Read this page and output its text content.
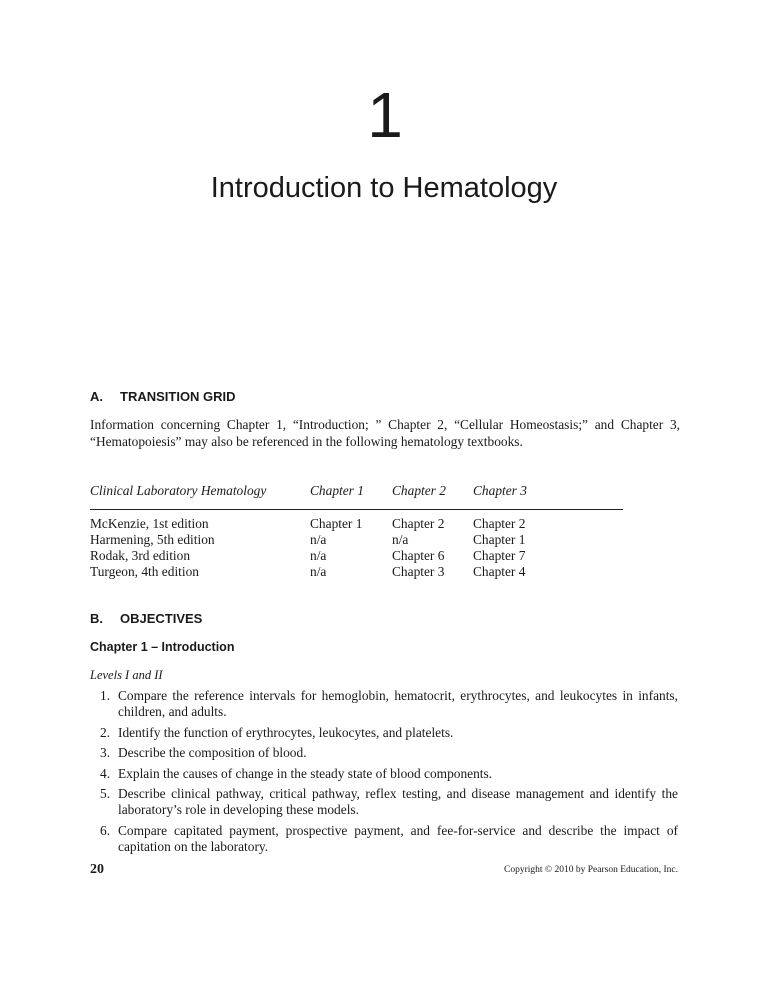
1
Introduction to Hematology
A. TRANSITION GRID
Information concerning Chapter 1, “Introduction; ” Chapter 2, “Cellular Homeostasis;” and Chapter 3, “Hematopoiesis” may also be referenced in the following hematology textbooks.
Clinical Laboratory Hematology	Chapter 1	Chapter 2	Chapter 3
McKenzie, 1st edition	Chapter 1	Chapter 2	Chapter 2
Harmening, 5th edition	n/a	n/a	Chapter 1
Rodak, 3rd edition	n/a	Chapter 6	Chapter 7
Turgeon, 4th edition	n/a	Chapter 3	Chapter 4
B. OBJECTIVES
Chapter 1 – Introduction
Levels I and II
1. Compare the reference intervals for hemoglobin, hematocrit, erythrocytes, and leukocytes in infants, children, and adults.
2. Identify the function of erythrocytes, leukocytes, and platelets.
3. Describe the composition of blood.
4. Explain the causes of change in the steady state of blood components.
5. Describe clinical pathway, critical pathway, reflex testing, and disease management and identify the laboratory’s role in developing these models.
6. Compare capitated payment, prospective payment, and fee-for-service and describe the impact of capitation on the laboratory.
20	Copyright © 2010 by Pearson Education, Inc.
